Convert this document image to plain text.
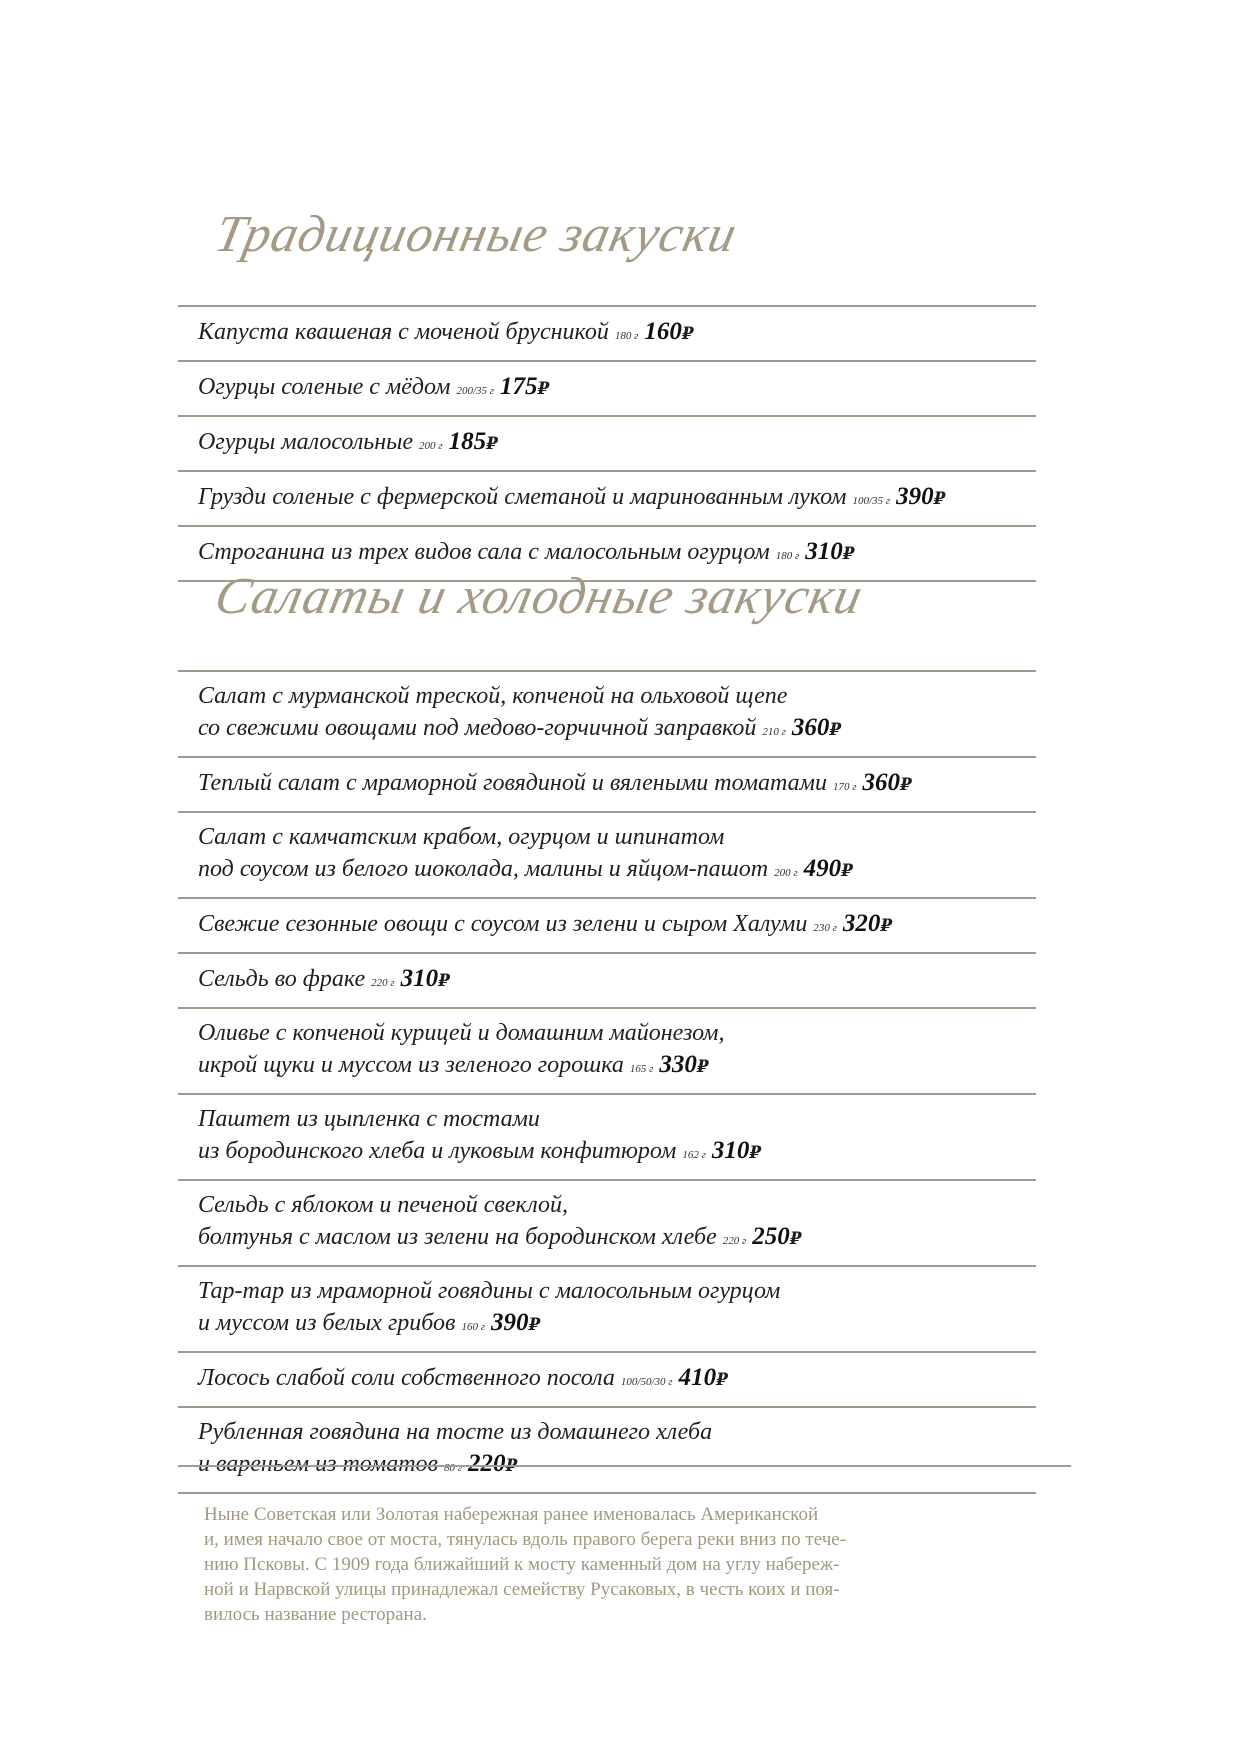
Традиционные закуски
Капуста квашеная с моченой брусникой 180 г 160₽
Огурцы соленые с мёдом 200/35 г 175₽
Огурцы малосольные 200 г 185₽
Грузди соленые с фермерской сметаной и маринованным луком 100/35 г 390₽
Строганина из трех видов сала с малосольным огурцом 180 г 310₽
Салаты и холодные закуски
Салат с мурманской треской, копченой на ольховой щепе
со свежими овощами под медово-горчичной заправкой 210 г 360₽
Теплый салат с мраморной говядиной и вялеными томатами 170 г 360₽
Салат с камчатским крабом, огурцом и шпинатом
под соусом из белого шоколада, малины и яйцом-пашот 200 г 490₽
Свежие сезонные овощи с соусом из зелени и сыром Халуми 230 г 320₽
Сельдь во фраке 220 г 310₽
Оливье с копченой курицей и домашним майонезом,
икрой щуки и муссом из зеленого горошка 165 г 330₽
Паштет из цыпленка с тостами
из бородинского хлеба и луковым конфитюром 162 г 310₽
Сельдь с яблоком и печеной свеклой,
болтунья с маслом из зелени на бородинском хлебе 220 г 250₽
Тар-тар из мраморной говядины с малосольным огурцом
и муссом из белых грибов 160 г 390₽
Лосось слабой соли собственного посола 100/50/30 г 410₽
Рубленная говядина на тосте из домашнего хлеба
и вареньем из томатов 80 г 220₽
Ныне Советская или Золотая набережная ранее именовалась Американской
и, имея начало свое от моста, тянулась вдоль правого берега реки вниз по тече-
нию Псковы. С 1909 года ближайший к мосту каменный дом на углу набереж-
ной и Нарвской улицы принадлежал семейству Русаковых, в честь коих и поя-
вилось название ресторана.
